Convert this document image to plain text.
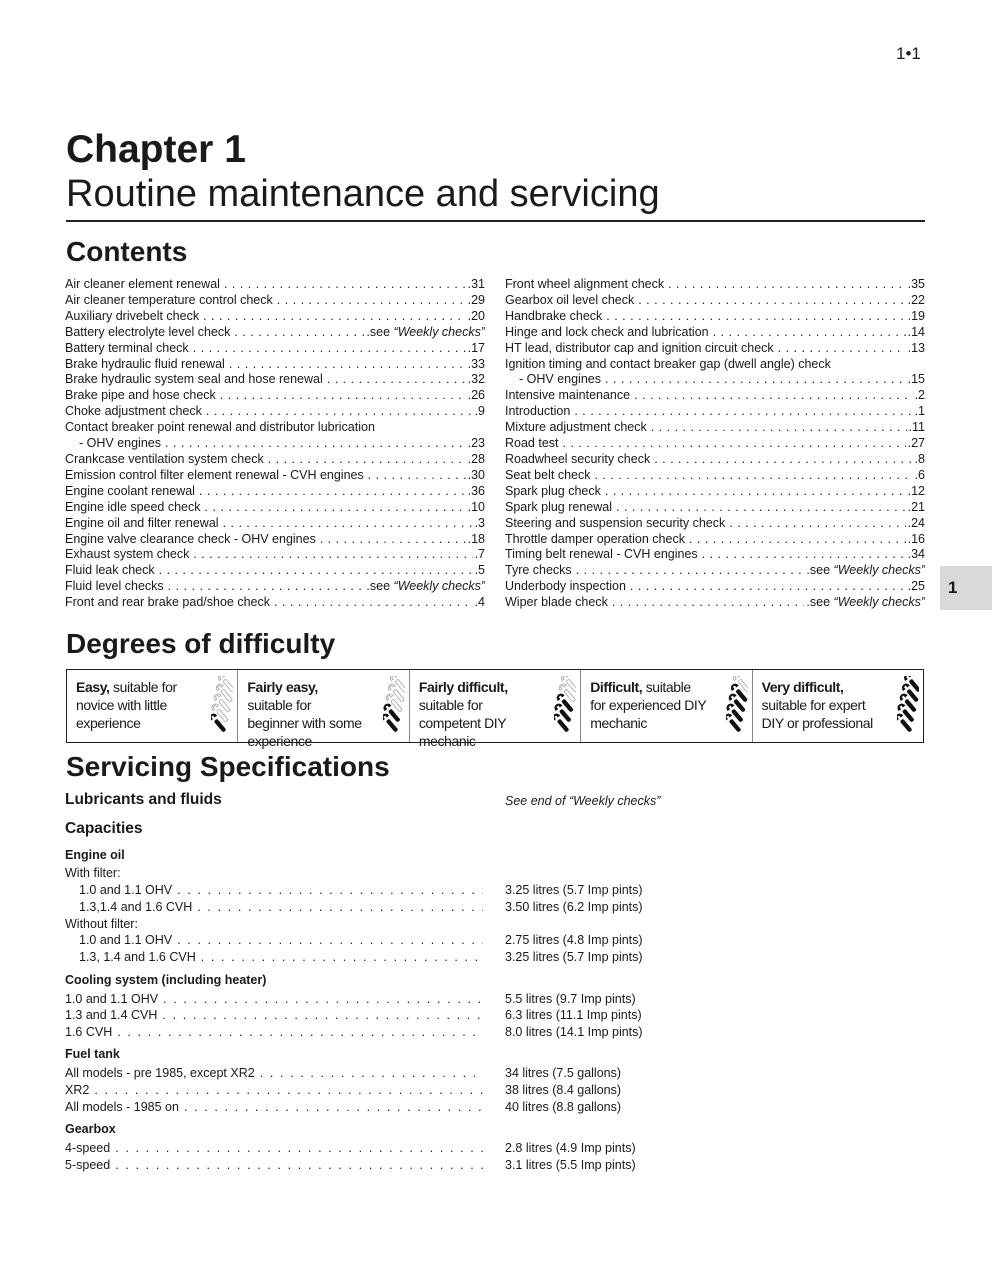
1•1
Chapter 1
Routine maintenance and servicing
Contents
Air cleaner element renewal . . .	.31
Air cleaner temperature control check . . .	.29
Auxiliary drivebelt check . . .	.20
Battery electrolyte level check . . .	.see “Weekly checks”
Battery terminal check . . .	.17
Brake hydraulic fluid renewal . . .	.33
Brake hydraulic system seal and hose renewal . . .	.32
Brake pipe and hose check . . .	.26
Choke adjustment check . . .	.9
Contact breaker point renewal and distributor lubrication
- OHV engines . . .	.23
Crankcase ventilation system check . . .	.28
Emission control filter element renewal - CVH engines . . .	.30
Engine coolant renewal . . .	.36
Engine idle speed check . . .	.10
Engine oil and filter renewal . . .	.3
Engine valve clearance check - OHV engines . . .	.18
Exhaust system check . . .	.7
Fluid leak check . . .	.5
Fluid level checks . . .	.see “Weekly checks”
Front and rear brake pad/shoe check . . .	.4
Front wheel alignment check . . .	.35
Gearbox oil level check . . .	.22
Handbrake check . . .	.19
Hinge and lock check and lubrication . . .	.14
HT lead, distributor cap and ignition circuit check . . .	.13
Ignition timing and contact breaker gap (dwell angle) check
- OHV engines . . .	.15
Intensive maintenance . . .	.2
Introduction . . .	.1
Mixture adjustment check . . .	.11
Road test . . .	.27
Roadwheel security check . . .	.8
Seat belt check . . .	.6
Spark plug check . . .	.12
Spark plug renewal . . .	.21
Steering and suspension security check . . .	.24
Throttle damper operation check . . .	.16
Timing belt renewal - CVH engines . . .	.34
Tyre checks . . .	.see “Weekly checks”
Underbody inspection . . .	.25
Wiper blade check . . .	.see “Weekly checks”
1
Degrees of difficulty
Easy, suitable for novice with little experience
Fairly easy, suitable for beginner with some experience
Fairly difficult, suitable for competent DIY mechanic
Difficult, suitable for experienced DIY mechanic
Very difficult, suitable for expert DIY or professional
Servicing Specifications
Lubricants and fluids	See end of “Weekly checks”
Capacities
Engine oil
With filter:
1.0 and 1.1 OHV . . .	3.25 litres (5.7 Imp pints)
1.3,1.4 and 1.6 CVH . . .	3.50 litres (6.2 Imp pints)
1.0 and 1.1 OHV . . .	2.75 litres (4.8 Imp pints)
1.3, 1.4 and 1.6 CVH . . .	3.25 litres (5.7 Imp pints)
1.0 and 1.1 OHV . . .	5.5 litres (9.7 Imp pints)
1.3 and 1.4 CVH . . .	6.3 litres (11.1 Imp pints)
1.6 CVH . . .	8.0 litres (14.1 Imp pints)
All models - pre 1985, except XR2 . . .	34 litres (7.5 gallons)
XR2 . . .	38 litres (8.4 gallons)
All models - 1985 on . . .	40 litres (8.8 gallons)
4-speed . . .	2.8 litres (4.9 Imp pints)
5-speed . . .	3.1 litres (5.5 Imp pints)
Without filter:
Cooling system (including heater)
Fuel tank
Gearbox
